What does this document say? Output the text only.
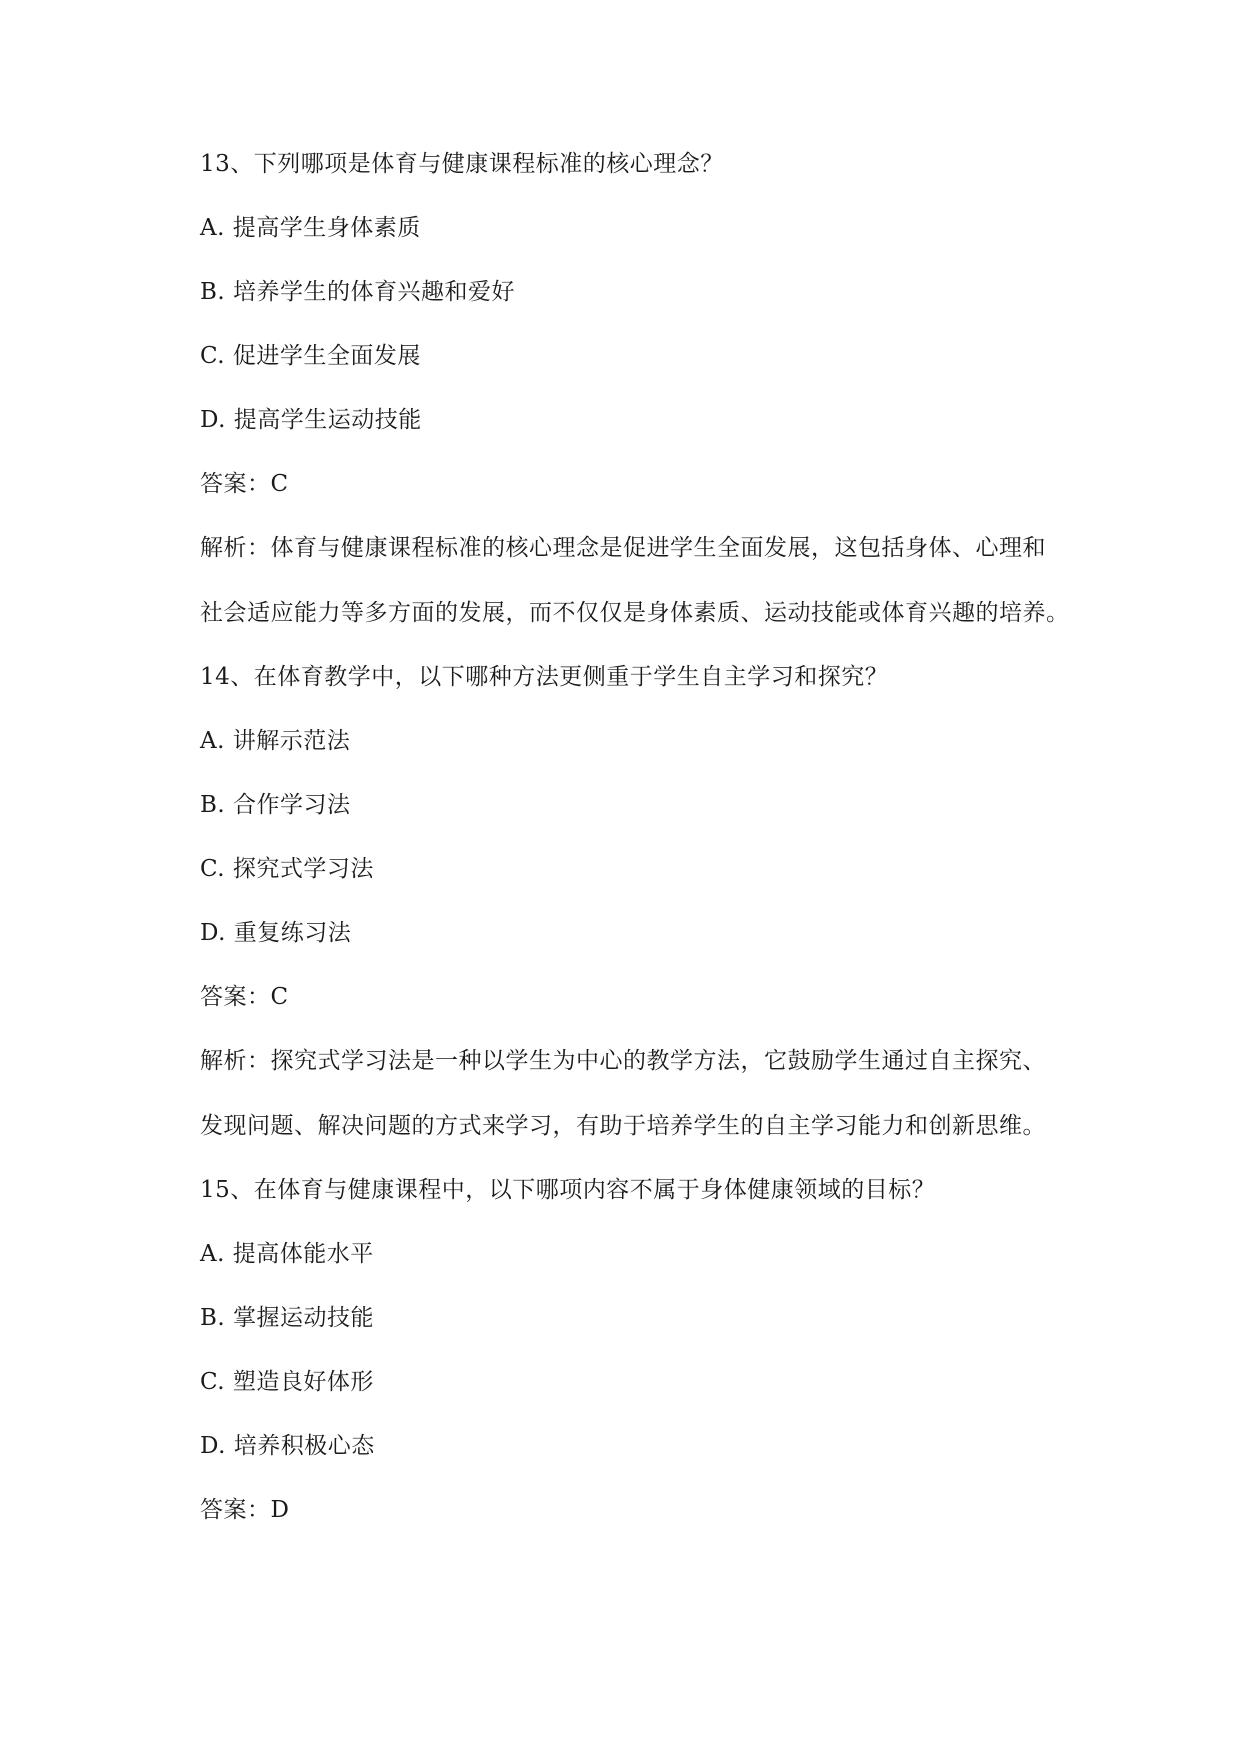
13、下列哪项是体育与健康课程标准的核心理念？
A. 提高学生身体素质
B. 培养学生的体育兴趣和爱好
C. 促进学生全面发展
D. 提高学生运动技能
答案：C
解析：体育与健康课程标准的核心理念是促进学生全面发展，这包括身体、心理和
社会适应能力等多方面的发展，而不仅仅是身体素质、运动技能或体育兴趣的培养。
14、在体育教学中，以下哪种方法更侧重于学生自主学习和探究？
A. 讲解示范法
B. 合作学习法
C. 探究式学习法
D. 重复练习法
答案：C
解析：探究式学习法是一种以学生为中心的教学方法，它鼓励学生通过自主探究、
发现问题、解决问题的方式来学习，有助于培养学生的自主学习能力和创新思维。
15、在体育与健康课程中，以下哪项内容不属于身体健康领域的目标？
A. 提高体能水平
B. 掌握运动技能
C. 塑造良好体形
D. 培养积极心态
答案：D
